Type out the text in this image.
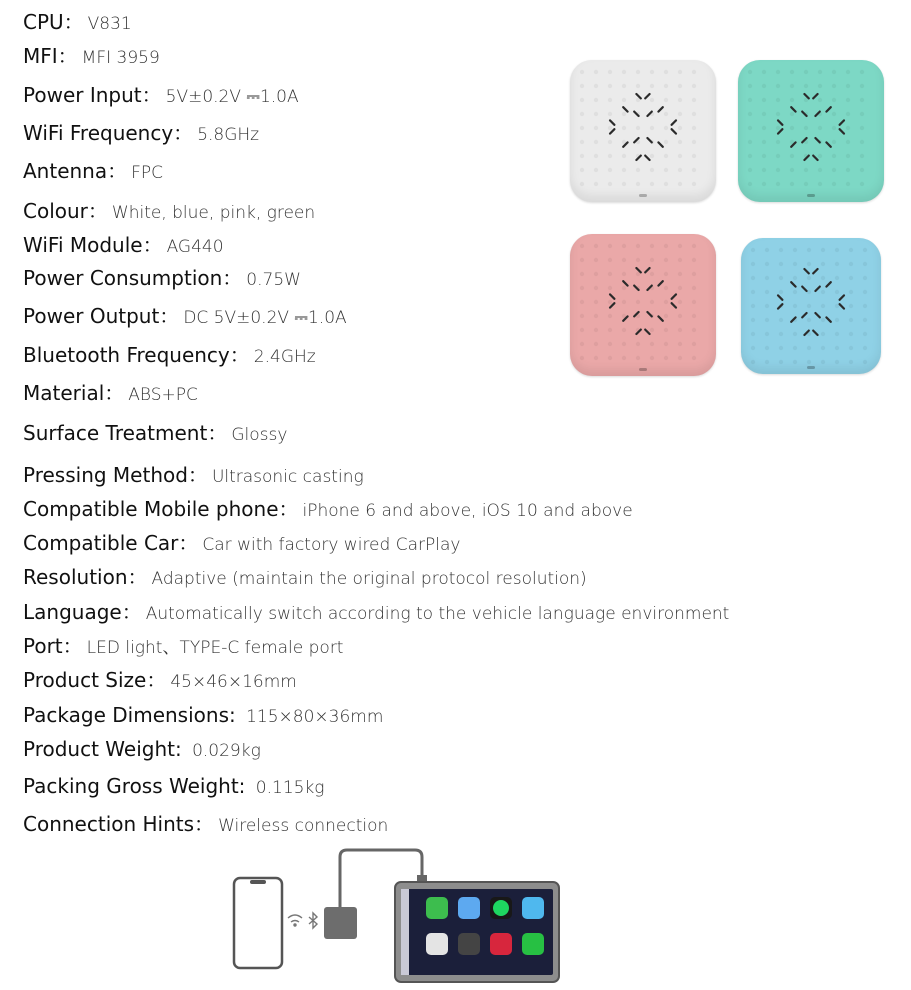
CPU： V831
MFI： MFI 3959
Power Input： 5V±0.2V ⎓1.0A
WiFi Frequency： 5.8GHz
Antenna： FPC
Colour： White, blue, pink, green
WiFi Module： AG440
Power Consumption： 0.75W
Power Output： DC 5V±0.2V ⎓1.0A
Bluetooth Frequency： 2.4GHz
Material： ABS+PC
Surface Treatment： Glossy
Pressing Method： Ultrasonic casting
Compatible Mobile phone： iPhone 6 and above, iOS 10 and above
Compatible Car： Car with factory wired CarPlay
Resolution： Adaptive (maintain the original protocol resolution)
Language： Automatically switch according to the vehicle language environment
Port： LED light、TYPE-C female port
Product Size： 45×46×16mm
Package Dimensions: 115×80×36mm
Product Weight: 0.029kg
Packing Gross Weight: 0.115kg
Connection Hints： Wireless connection
